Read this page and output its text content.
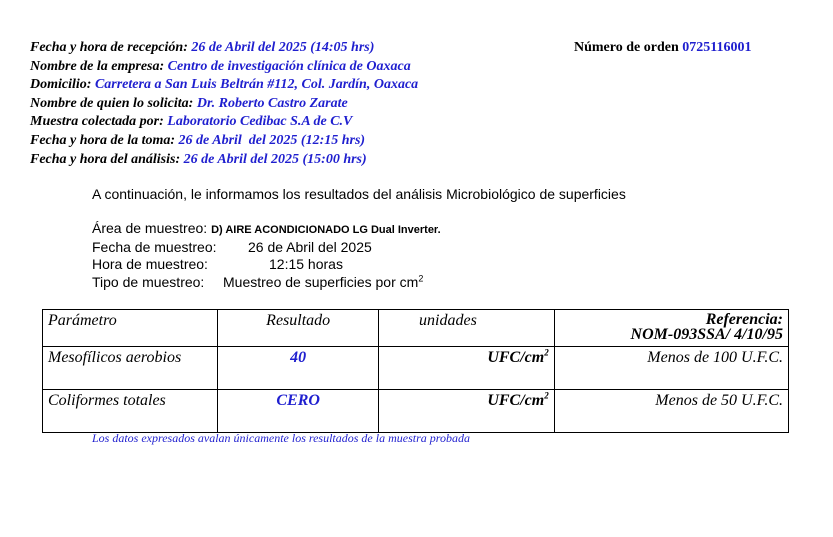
Fecha y hora de recepción: 26 de Abril del 2025 (14:05 hrs)
Nombre de la empresa: Centro de investigación clínica de Oaxaca
Domicilio: Carretera a San Luis Beltrán #112, Col. Jardín, Oaxaca
Nombre de quien lo solicita: Dr. Roberto Castro Zarate
Muestra colectada por: Laboratorio Cedibac S.A de C.V
Fecha y hora de la toma: 26 de Abril  del 2025 (12:15 hrs)
Fecha y hora del análisis: 26 de Abril del 2025 (15:00 hrs)
Número de orden 0725116001
A continuación, le informamos los resultados del análisis Microbiológico de superficies
Área de muestreo: D) AIRE ACONDICIONADO LG Dual Inverter.
Fecha de muestreo: 26 de Abril del 2025
Hora de muestreo:	12:15 horas
Tipo de muestreo: Muestreo de superficies por $cm^2$
Parámetro	Resultado	unidades	Referencia:
NOM-093SSA/ 4/10/95

Mesofílicos aerobios	40	UFC/$cm^2$	Menos de 100 U.F.C.
Coliformes totales	CERO	UFC/$cm^2$	Menos de 50 U.F.C.
Los datos expresados avalan únicamente los resultados de la muestra probada
